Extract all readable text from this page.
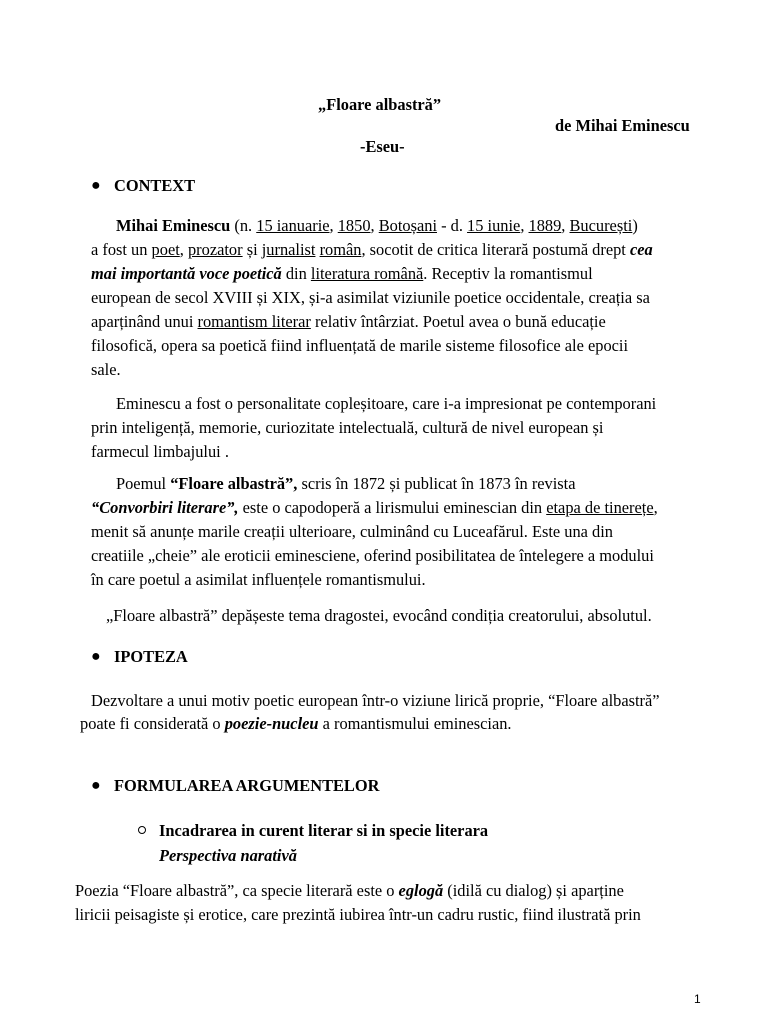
„Floare albastră”
de Mihai Eminescu
-Eseu-
● CONTEXT
Mihai Eminescu (n. 15 ianuarie, 1850, Botoșani - d. 15 iunie, 1889, București)
a fost un poet, prozator și jurnalist român, socotit de critica literară postumă drept cea
mai importantă voce poetică din literatura română. Receptiv la romantismul
european de secol XVIII și XIX, și-a asimilat viziunile poetice occidentale, creația sa
aparținând unui romantism literar relativ întârziat. Poetul avea o bună educație
filosofică, opera sa poetică fiind influențată de marile sisteme filosofice ale epocii
sale.
Eminescu a fost o personalitate copleșitoare, care i-a impresionat pe contemporani
prin inteligență, memorie, curiozitate intelectuală, cultură de nivel european și
farmecul limbajului .
Poemul “Floare albastră”, scris în 1872 și publicat în 1873 în revista
“Convorbiri literare”, este o capodoperă a lirismului eminescian din etapa de tinerețe,
menit să anunțe marile creații ulterioare, culminând cu Luceafărul. Este una din
creatiile „cheie” ale eroticii eminesciene, oferind posibilitatea de întelegere a modului
în care poetul a asimilat influențele romantismului.
„Floare albastră” depășeste tema dragostei, evocând condiția creatorului, absolutul.
● IPOTEZA
Dezvoltare a unui motiv poetic european într-o viziune lirică proprie, “Floare albastră”
poate fi considerată o poezie-nucleu a romantismului eminescian.
● FORMULAREA ARGUMENTELOR
Incadrarea in curent literar si in specie literara
Perspectiva narativă
Poezia “Floare albastră”, ca specie literară este o eglogă (idilă cu dialog) și aparține
liricii peisagiste și erotice, care prezintă iubirea într-un cadru rustic, fiind ilustrată prin
1
